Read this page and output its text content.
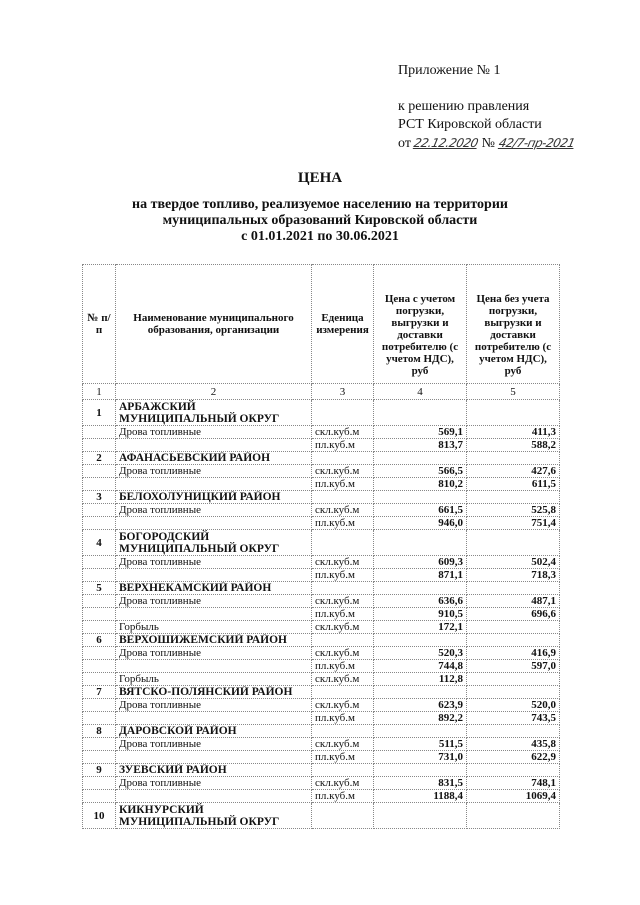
Приложение № 1
к решению правления
РСТ Кировской области
от 22.12.2020 № 42/7-пр-2021
ЦЕНА
на твердое топливо, реализуемое населению на территории
муниципальных образований Кировской области
с 01.01.2021 по 30.06.2021
№ п/п	Наименование муниципального образования, организации	Еденица измерения	Цена с учетом погрузки, выгрузки и доставки потребителю (с учетом НДС), руб	Цена без учета погрузки, выгрузки и доставки потребителю (с учетом НДС), руб
1	2	3	4	5
1	АРБАЖСКИЙ МУНИЦИПАЛЬНЫЙ ОКРУГ			
	Дрова топливные	скл.куб.м	569,1	411,3
		пл.куб.м	813,7	588,2
2	АФАНАСЬЕВСКИЙ РАЙОН			
	Дрова топливные	скл.куб.м	566,5	427,6
		пл.куб.м	810,2	611,5
3	БЕЛОХОЛУНИЦКИЙ РАЙОН			
	Дрова топливные	скл.куб.м	661,5	525,8
		пл.куб.м	946,0	751,4
4	БОГОРОДСКИЙ МУНИЦИПАЛЬНЫЙ ОКРУГ			
	Дрова топливные	скл.куб.м	609,3	502,4
		пл.куб.м	871,1	718,3
5	ВЕРХНЕКАМСКИЙ РАЙОН			
	Дрова топливные	скл.куб.м	636,6	487,1
		пл.куб.м	910,5	696,6
	Горбыль	скл.куб.м	172,1	
6	ВЕРХОШИЖЕМСКИЙ РАЙОН			
	Дрова топливные	скл.куб.м	520,3	416,9
		пл.куб.м	744,8	597,0
	Горбыль	скл.куб.м	112,8	
7	ВЯТСКО-ПОЛЯНСКИЙ РАЙОН			
	Дрова топливные	скл.куб.м	623,9	520,0
		пл.куб.м	892,2	743,5
8	ДАРОВСКОЙ РАЙОН			
	Дрова топливные	скл.куб.м	511,5	435,8
		пл.куб.м	731,0	622,9
9	ЗУЕВСКИЙ РАЙОН			
	Дрова топливные	скл.куб.м	831,5	748,1
		пл.куб.м	1188,4	1069,4
10	КИКНУРСКИЙ МУНИЦИПАЛЬНЫЙ ОКРУГ			
